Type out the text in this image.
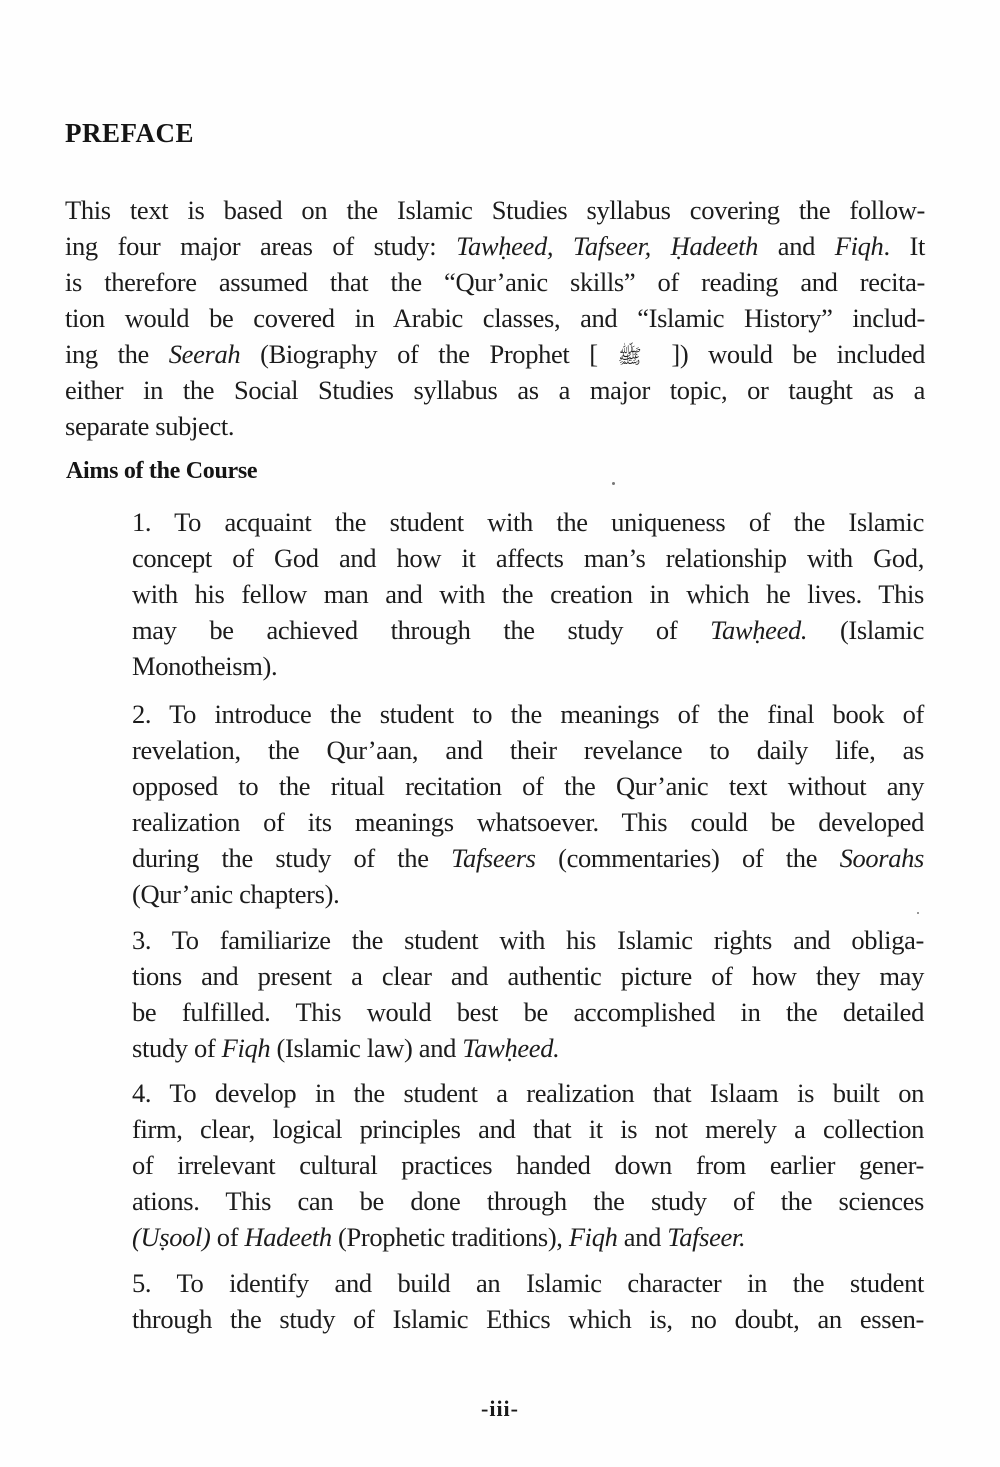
PREFACE
This text is based on the Islamic Studies syllabus covering the follow-
ing four major areas of study: Tawḥeed, Tafseer, Ḥadeeth and Fiqh. It
is therefore assumed that the “Qur’anic skills” of reading and recita-
tion would be covered in Arabic classes, and “Islamic History” includ-
ing the Seerah (Biography of the Prophet [ ﷺ ]) would be included
either in the Social Studies syllabus as a major topic, or taught as a
separate subject.
Aims of the Course
1. To acquaint the student with the uniqueness of the Islamic
concept of God and how it affects man’s relationship with God,
with his fellow man and with the creation in which he lives. This
may be achieved through the study of Tawḥeed. (Islamic
Monotheism).
2. To introduce the student to the meanings of the final book of
revelation, the Qur’aan, and their revelance to daily life, as
opposed to the ritual recitation of the Qur’anic text without any
realization of its meanings whatsoever. This could be developed
during the study of the Tafseers (commentaries) of the Soorahs
(Qur’anic chapters).
3. To familiarize the student with his Islamic rights and obliga-
tions and present a clear and authentic picture of how they may
be fulfilled. This would best be accomplished in the detailed
study of Fiqh (Islamic law) and Tawḥeed.
4. To develop in the student a realization that Islaam is built on
firm, clear, logical principles and that it is not merely a collection
of irrelevant cultural practices handed down from earlier gener-
ations. This can be done through the study of the sciences
(Uṣool) of Hadeeth (Prophetic traditions), Fiqh and Tafseer.
5. To identify and build an Islamic character in the student
through the study of Islamic Ethics which is, no doubt, an essen-
-iii-
